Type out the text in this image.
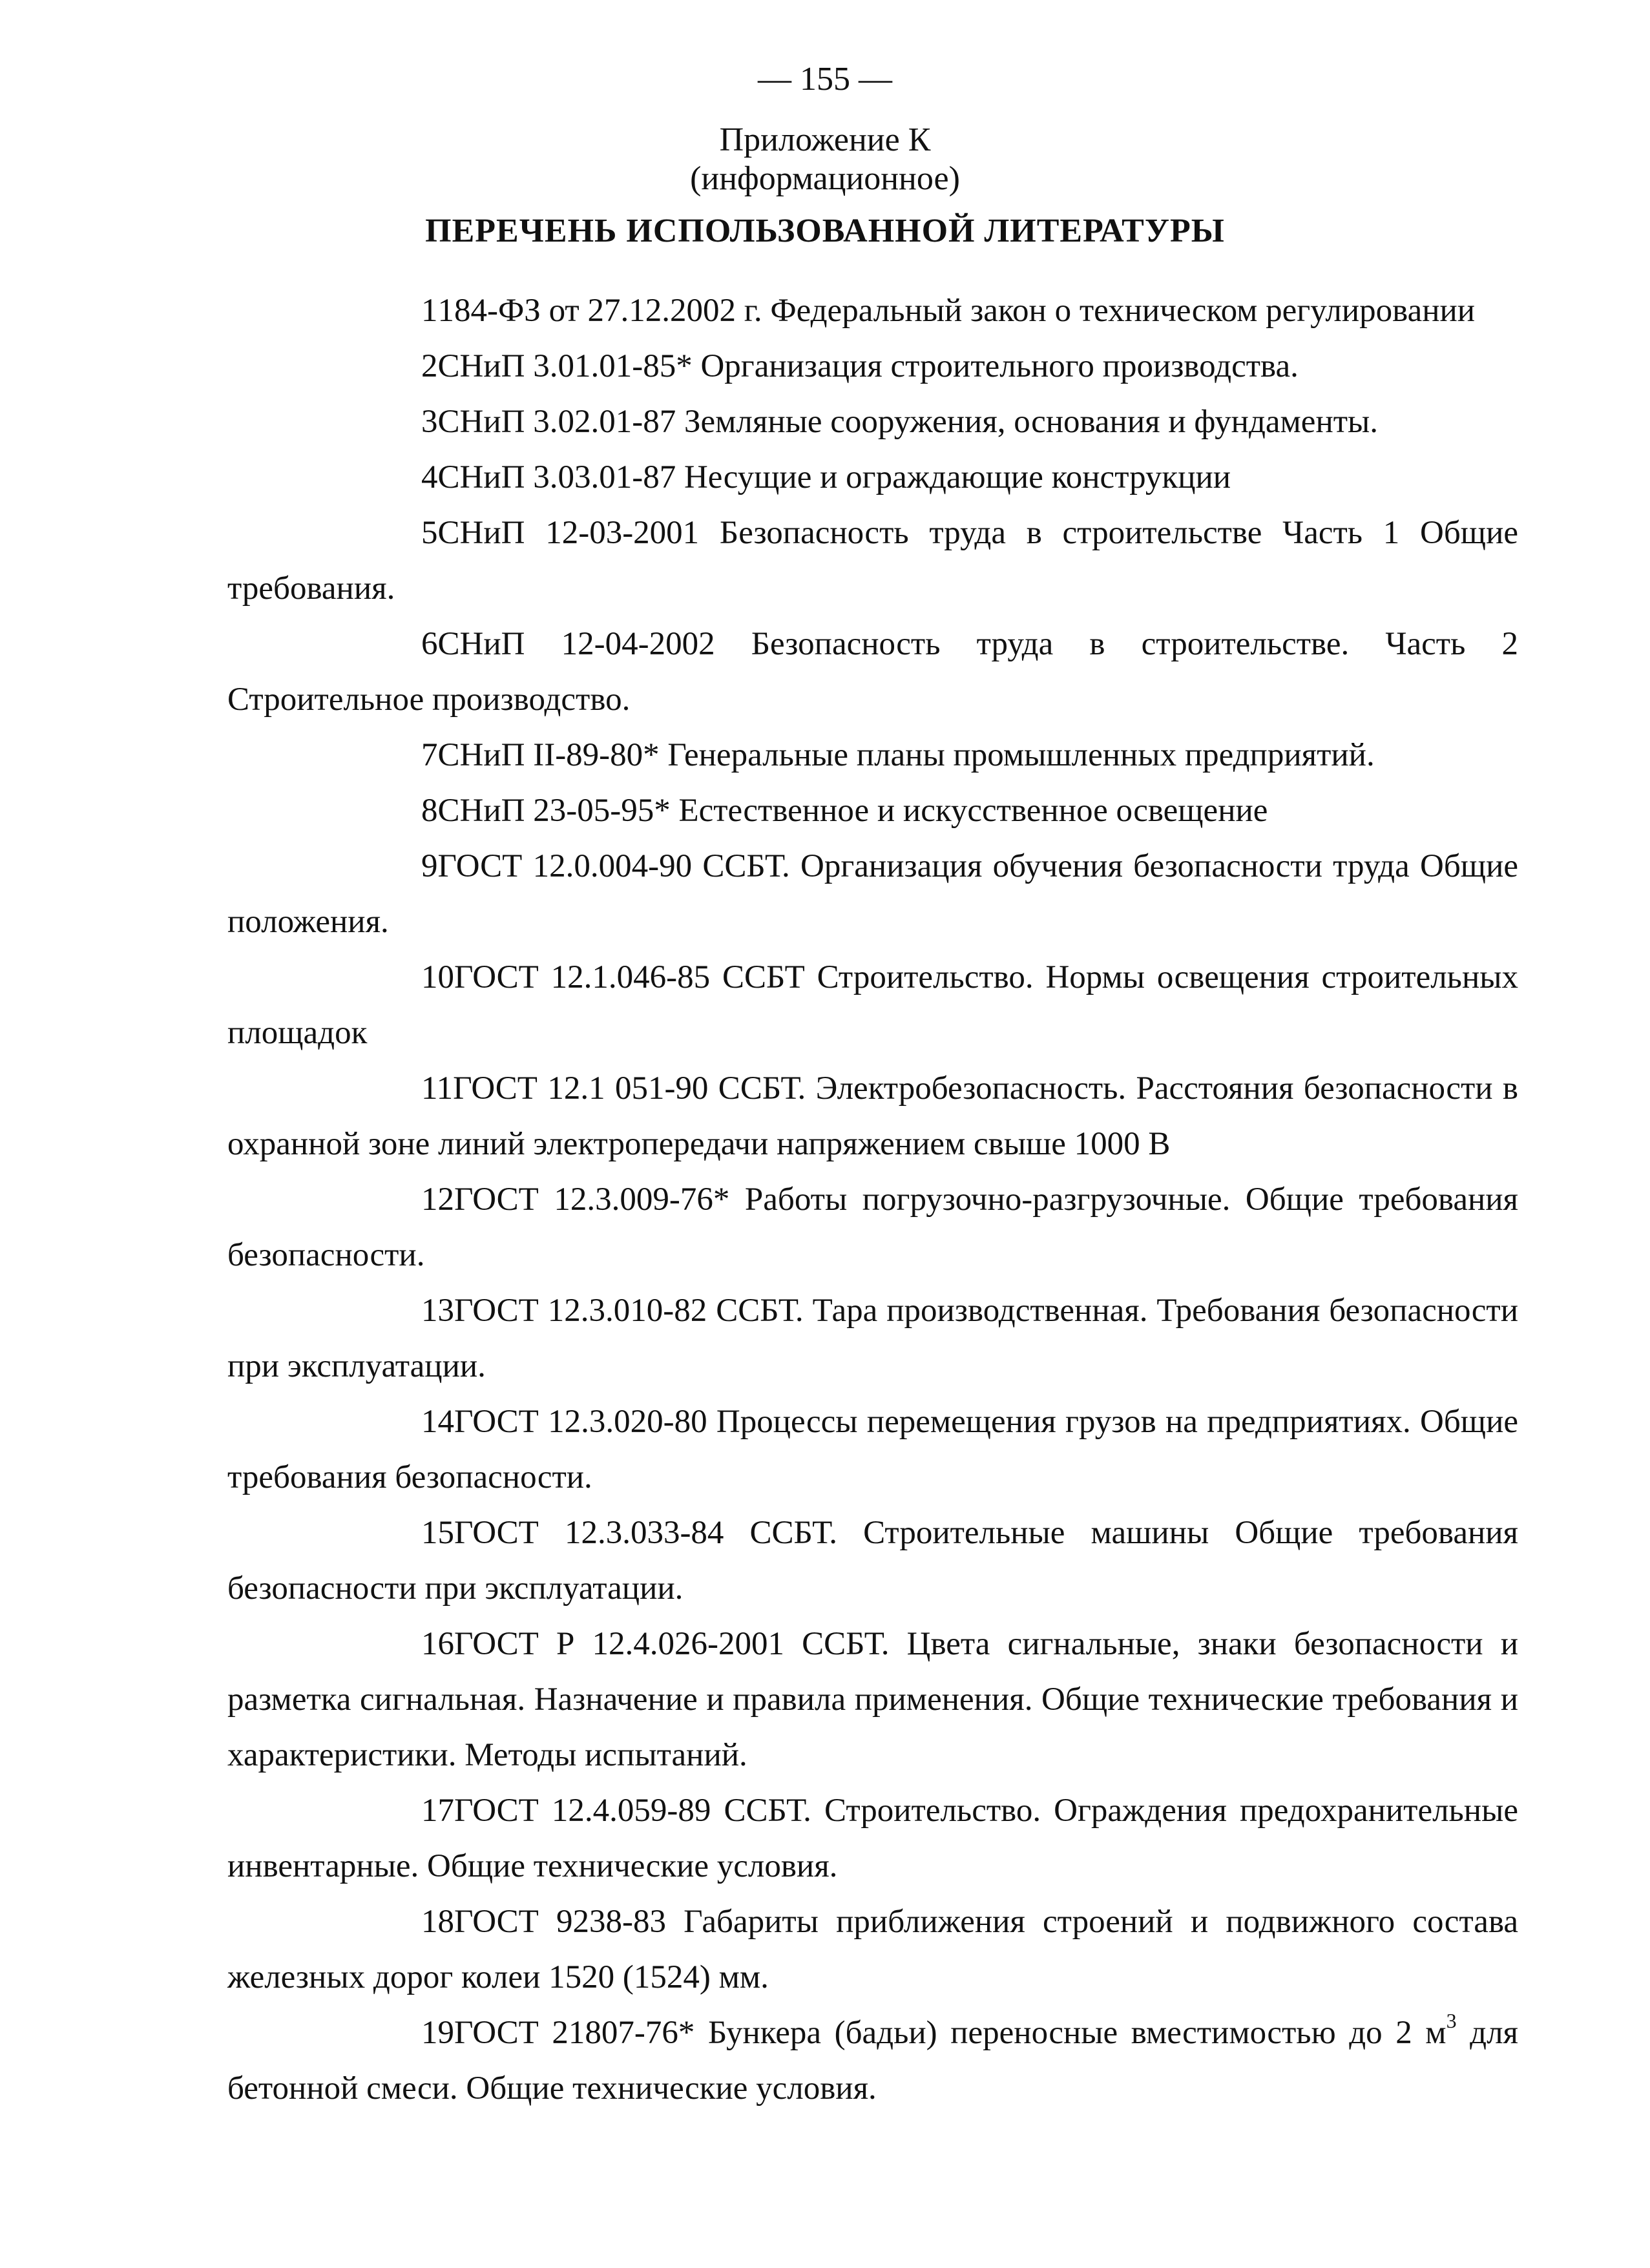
— 155 —
Приложение К
(информационное)
ПЕРЕЧЕНЬ ИСПОЛЬЗОВАННОЙ ЛИТЕРАТУРЫ

1184-ФЗ от 27.12.2002 г. Федеральный закон о техническом регулировании

2СНиП 3.01.01-85* Организация строительного производства.

3СНиП 3.02.01-87 Земляные сооружения, основания и фундаменты.

4СНиП 3.03.01-87 Несущие и ограждающие конструкции

5СНиП 12-03-2001 Безопасность труда в строительстве Часть 1 Общие требования.

6СНиП 12-04-2002 Безопасность труда в строительстве. Часть 2 Строительное производство.

7СНиП II-89-80* Генеральные планы промышленных предприятий.

8СНиП 23-05-95* Естественное и искусственное освещение

9ГОСТ 12.0.004-90 ССБТ. Организация обучения безопасности труда Общие положения.

10ГОСТ 12.1.046-85 ССБТ Строительство. Нормы освещения строительных площадок

11ГОСТ 12.1 051-90 ССБТ. Электробезопасность. Расстояния безопасности в охранной зоне линий электропередачи напряжением свыше 1000 В

12ГОСТ 12.3.009-76* Работы погрузочно-разгрузочные. Общие требования безопасности.

13ГОСТ 12.3.010-82 ССБТ. Тара производственная. Требования безопасности при эксплуатации.

14ГОСТ 12.3.020-80 Процессы перемещения грузов на предприятиях. Общие требования безопасности.

15ГОСТ 12.3.033-84 ССБТ. Строительные машины Общие требования безопасности при эксплуатации.

16ГОСТ Р 12.4.026-2001 ССБТ. Цвета сигнальные, знаки безопасности и разметка сигнальная. Назначение и правила применения. Общие технические требования и характеристики. Методы испытаний.

17ГОСТ 12.4.059-89 ССБТ. Строительство. Ограждения предохранительные инвентарные. Общие технические условия.

18ГОСТ 9238-83 Габариты приближения строений и подвижного состава железных дорог колеи 1520 (1524) мм.

19ГОСТ 21807-76* Бункера (бадьи) переносные вместимостью до 2 $м^3$ для бетонной смеси. Общие технические условия.
